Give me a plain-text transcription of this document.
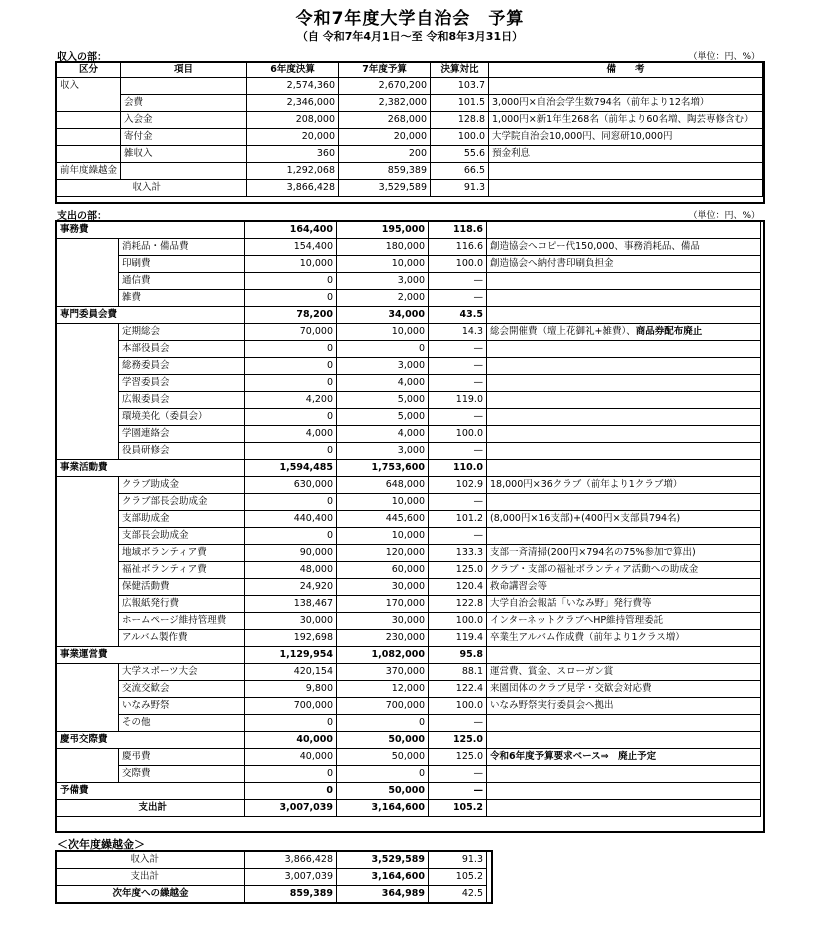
令和7年度大学自治会　予算
（自 令和7年4月1日～至 令和8年3月31日）
収入の部：	（単位：円、%）
区分	項目	6年度決算	7年度予算	決算対比	備　　考
収入		2,574,360	2,670,200	103.7	
	会費	2,346,000	2,382,000	101.5	3,000円×自治会学生数794名（前年より12名増）
	入会金	208,000	268,000	128.8	1,000円×新1年生268名（前年より60名増、陶芸専修含む）
	寄付金	20,000	20,000	100.0	大学院自治会10,000円、同窓研10,000円
	雑収入	360	200	55.6	預金利息
前年度繰越金		1,292,068	859,389	66.5	
	収入計	3,866,428	3,529,589	91.3	
支出の部：	（単位：円、%）
事務費		164,400	195,000	118.6	
	消耗品・備品費	154,400	180,000	116.6	創造協会へコピー代150,000、事務消耗品、備品
	印刷費	10,000	10,000	100.0	創造協会へ納付書印刷負担金
	通信費	0	3,000	—	
	雑費	0	2,000	—	
専門委員会費		78,200	34,000	43.5	
	定期総会	70,000	10,000	14.3	総会開催費（壇上花御礼+雑費）、商品券配布廃止
	本部役員会	0	0	—	
	総務委員会	0	3,000	—	
	学習委員会	0	4,000	—	
	広報委員会	4,200	5,000	119.0	
	環境美化（委員会）	0	5,000	—	
	学園連絡会	4,000	4,000	100.0	
	役員研修会	0	3,000	—	
事業活動費		1,594,485	1,753,600	110.0	
	クラブ助成金	630,000	648,000	102.9	18,000円×36クラブ（前年より1クラブ増）
	クラブ部長会助成金	0	10,000	—	
	支部助成金	440,400	445,600	101.2	(8,000円×16支部)+(400円×支部員794名)
	支部長会助成金	0	10,000	—	
	地域ボランティア費	90,000	120,000	133.3	支部一斉清掃(200円×794名の75%参加で算出)
	福祉ボランティア費	48,000	60,000	125.0	クラブ・支部の福祉ボランティア活動への助成金
	保健活動費	24,920	30,000	120.4	救命講習会等
	広報紙発行費	138,467	170,000	122.8	大学自治会報話「いなみ野」発行費等
	ホームページ維持管理費	30,000	30,000	100.0	インターネットクラブへHP維持管理委託
	アルバム製作費	192,698	230,000	119.4	卒業生アルバム作成費（前年より1クラス増）
事業運営費		1,129,954	1,082,000	95.8	
	大学スポーツ大会	420,154	370,000	88.1	運営費、賞金、スローガン賞
	交流交歓会	9,800	12,000	122.4	来園団体のクラブ見学・交歓会対応費
	いなみ野祭	700,000	700,000	100.0	いなみ野祭実行委員会へ拠出
	その他	0	0	—	
慶弔交際費		40,000	50,000	125.0	
	慶弔費	40,000	50,000	125.0	令和6年度予算要求ベース⇒　廃止予定
	交際費	0	0	—	
予備費		0	50,000	—	
	支出計	3,007,039	3,164,600	105.2	
＜次年度繰越金＞
	収入計	3,866,428	3,529,589	91.3
	支出計	3,007,039	3,164,600	105.2
次年度への繰越金		859,389	364,989	42.5
